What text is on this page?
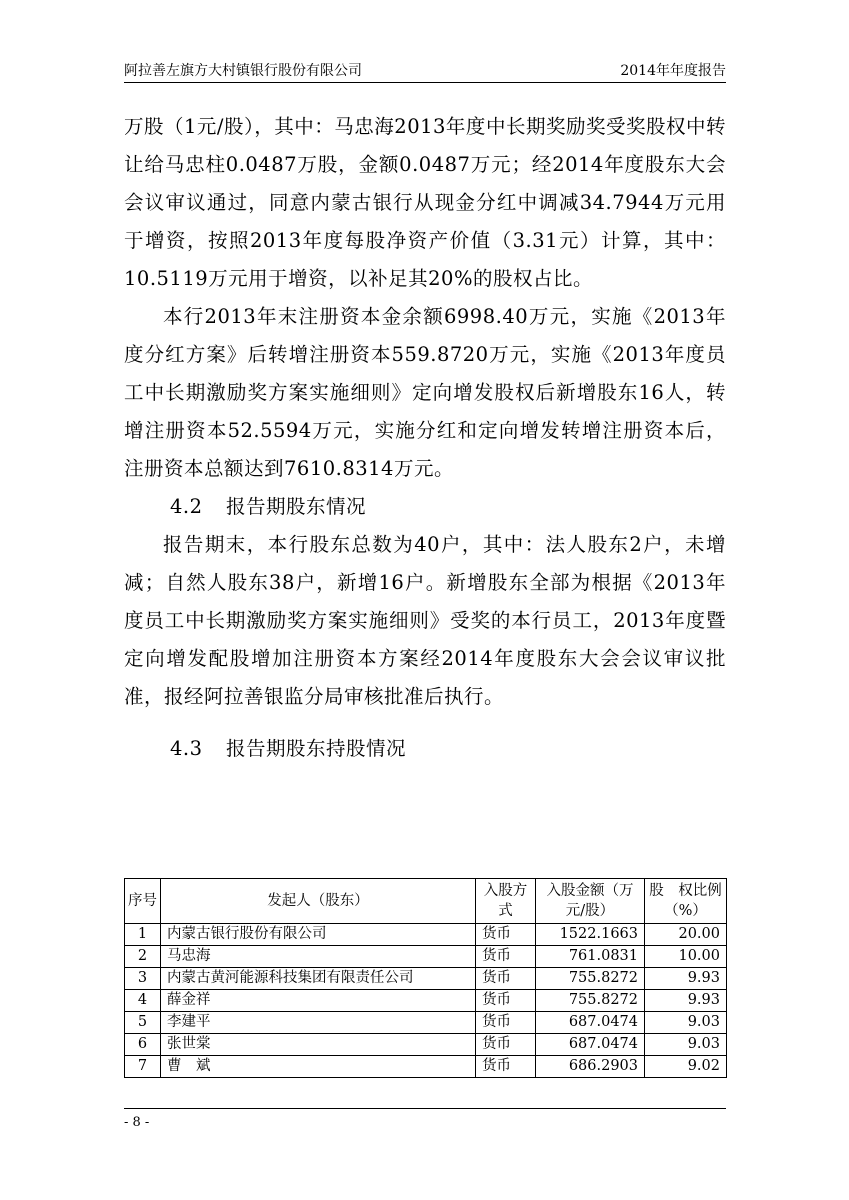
阿拉善左旗方大村镇银行股份有限公司	2014年年度报告

万股（1元/股），其中：马忠海2013年度中长期奖励奖受奖股权中转让给马忠柱0.0487万股，金额0.0487万元；经2014年度股东大会会议审议通过，同意内蒙古银行从现金分红中调减34.7944万元用于增资，按照2013年度每股净资产价值（3.31元）计算，其中：10.5119万元用于增资，以补足其20%的股权占比。

本行2013年末注册资本金余额6998.40万元，实施《2013年度分红方案》后转增注册资本559.8720万元，实施《2013年度员工中长期激励奖方案实施细则》定向增发股权后新增股东16人，转增注册资本52.5594万元，实施分红和定向增发转增注册资本后，注册资本总额达到7610.8314万元。

4.2 报告期股东情况

报告期末，本行股东总数为40户，其中：法人股东2户，未增减；自然人股东38户，新增16户。新增股东全部为根据《2013年度员工中长期激励奖方案实施细则》受奖的本行员工，2013年度暨定向增发配股增加注册资本方案经2014年度股东大会会议审议批准，报经阿拉善银监分局审核批准后执行。

4.3 报告期股东持股情况

序号	发起人（股东）	入股方式	入股金额（万元/股）	股　权比例（%）
1	内蒙古银行股份有限公司	货币	1522.1663	20.00
2	马忠海	货币	761.0831	10.00
3	内蒙古黄河能源科技集团有限责任公司	货币	755.8272	9.93
4	薛金祥	货币	755.8272	9.93
5	李建平	货币	687.0474	9.03
6	张世棠	货币	687.0474	9.03
7	曹　斌	货币	686.2903	9.02
- 8 -
